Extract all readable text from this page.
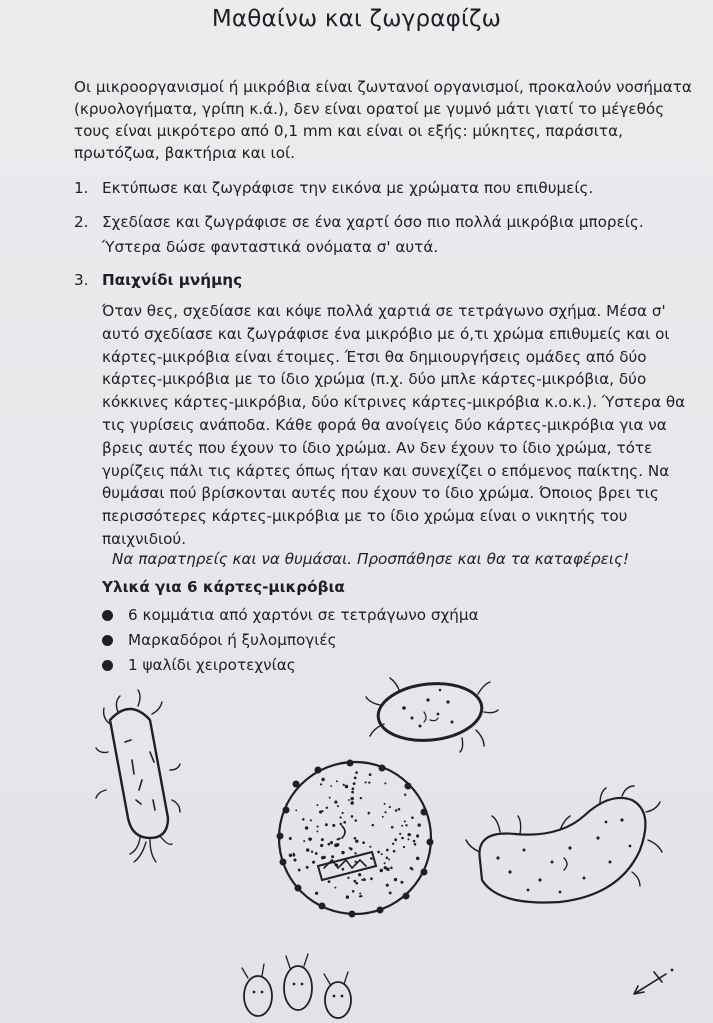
Μαθαίνω και ζωγραφίζω

Οι μικροοργανισμοί ή μικρόβια είναι ζωντανοί οργανισμοί, προκαλούν νοσήματα (κρυολογήματα, γρίπη κ.ά.), δεν είναι ορατοί με γυμνό μάτι γιατί το μέγεθός τους είναι μικρότερο από 0,1 mm και είναι οι εξής: μύκητες, παράσιτα, πρωτόζωα, βακτήρια και ιοί.

1. Εκτύπωσε και ζωγράφισε την εικόνα με χρώματα που επιθυμείς.
2. Σχεδίασε και ζωγράφισε σε ένα χαρτί όσο πιο πολλά μικρόβια μπορείς. Ύστερα δώσε φανταστικά ονόματα σ' αυτά.
3. Παιχνίδι μνήμης

Όταν θες, σχεδίασε και κόψε πολλά χαρτιά σε τετράγωνο σχήμα. Μέσα σ' αυτό σχεδίασε και ζωγράφισε ένα μικρόβιο με ό,τι χρώμα επιθυμείς και οι κάρτες-μικρόβια είναι έτοιμες. Έτσι θα δημιουργήσεις ομάδες από δύο κάρτες-μικρόβια με το ίδιο χρώμα (π.χ. δύο μπλε κάρτες-μικρόβια, δύο κόκκινες κάρτες-μικρόβια, δύο κίτρινες κάρτες-μικρόβια κ.ο.κ.). Ύστερα θα τις γυρίσεις ανάποδα. Κάθε φορά θα ανοίγεις δύο κάρτες-μικρόβια για να βρεις αυτές που έχουν το ίδιο χρώμα. Αν δεν έχουν το ίδιο χρώμα, τότε γυρίζεις πάλι τις κάρτες όπως ήταν και συνεχίζει ο επόμενος παίκτης. Να θυμάσαι πού βρίσκονται αυτές που έχουν το ίδιο χρώμα. Όποιος βρει τις περισσότερες κάρτες-μικρόβια με το ίδιο χρώμα είναι ο νικητής του παιχνιδιού.

Να παρατηρείς και να θυμάσαι. Προσπάθησε και θα τα καταφέρεις!

Υλικά για 6 κάρτες-μικρόβια
6 κομμάτια από χαρτόνι σε τετράγωνο σχήμα
Μαρκαδόροι ή ξυλομπογιές
1 ψαλίδι χειροτεχνίας
